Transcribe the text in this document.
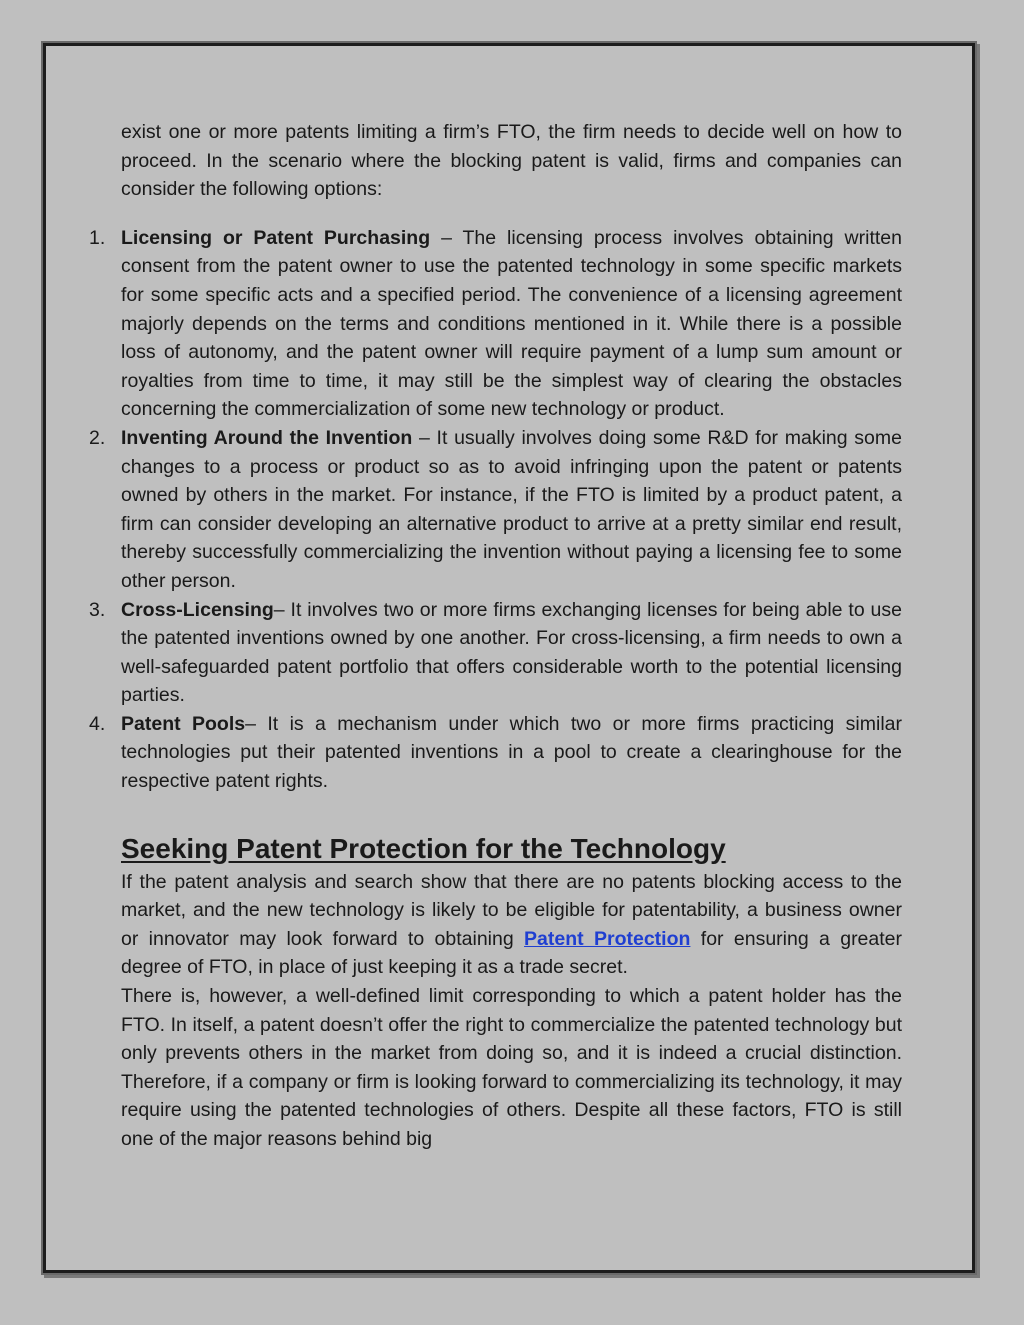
exist one or more patents limiting a firm’s FTO, the firm needs to decide well on how to proceed. In the scenario where the blocking patent is valid, firms and companies can consider the following options:

1. Licensing or Patent Purchasing – The licensing process involves obtaining written consent from the patent owner to use the patented technology in some specific markets for some specific acts and a specified period. The convenience of a licensing agreement majorly depends on the terms and conditions mentioned in it. While there is a possible loss of autonomy, and the patent owner will require payment of a lump sum amount or royalties from time to time, it may still be the simplest way of clearing the obstacles concerning the commercialization of some new technology or product.
2. Inventing Around the Invention – It usually involves doing some R&D for making some changes to a process or product so as to avoid infringing upon the patent or patents owned by others in the market. For instance, if the FTO is limited by a product patent, a firm can consider developing an alternative product to arrive at a pretty similar end result, thereby successfully commercializing the invention without paying a licensing fee to some other person.
3. Cross-Licensing– It involves two or more firms exchanging licenses for being able to use the patented inventions owned by one another. For cross-licensing, a firm needs to own a well-safeguarded patent portfolio that offers considerable worth to the potential licensing parties.
4. Patent Pools– It is a mechanism under which two or more firms practicing similar technologies put their patented inventions in a pool to create a clearinghouse for the respective patent rights.
Seeking Patent Protection for the Technology

If the patent analysis and search show that there are no patents blocking access to the market, and the new technology is likely to be eligible for patentability, a business owner or innovator may look forward to obtaining Patent Protection for ensuring a greater degree of FTO, in place of just keeping it as a trade secret.

There is, however, a well-defined limit corresponding to which a patent holder has the FTO. In itself, a patent doesn’t offer the right to commercialize the patented technology but only prevents others in the market from doing so, and it is indeed a crucial distinction. Therefore, if a company or firm is looking forward to commercializing its technology, it may require using the patented technologies of others. Despite all these factors, FTO is still one of the major reasons behind big
